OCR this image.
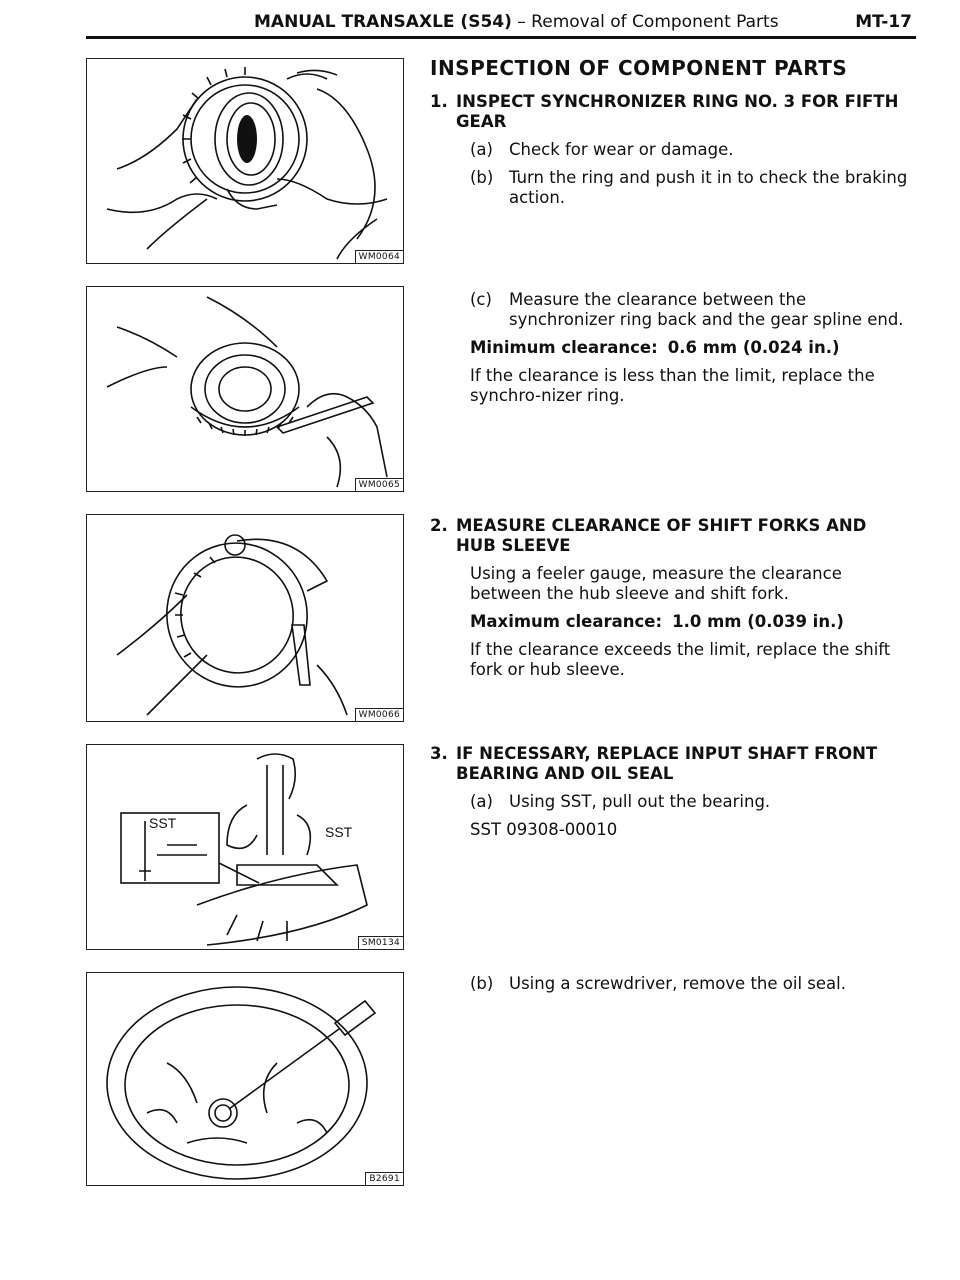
MANUAL TRANSAXLE (S54) – Removal of Component Parts	MT-17
WM0064
WM0065
WM0066
SST
SST
SM0134
B2691
INSPECTION OF COMPONENT PARTS
1. INSPECT SYNCHRONIZER RING NO. 3 FOR FIFTH GEAR
(a) Check for wear or damage.
(b) Turn the ring and push it in to check the braking action.
(c) Measure the clearance between the synchronizer ring back and the gear spline end.
Minimum clearance: 0.6 mm (0.024 in.)
If the clearance is less than the limit, replace the synchro-nizer ring.
2. MEASURE CLEARANCE OF SHIFT FORKS AND HUB SLEEVE
Using a feeler gauge, measure the clearance between the hub sleeve and shift fork.
Maximum clearance: 1.0 mm (0.039 in.)
If the clearance exceeds the limit, replace the shift fork or hub sleeve.
3. IF NECESSARY, REPLACE INPUT SHAFT FRONT BEARING AND OIL SEAL
(a) Using SST, pull out the bearing.
SST 09308-00010
(b) Using a screwdriver, remove the oil seal.
